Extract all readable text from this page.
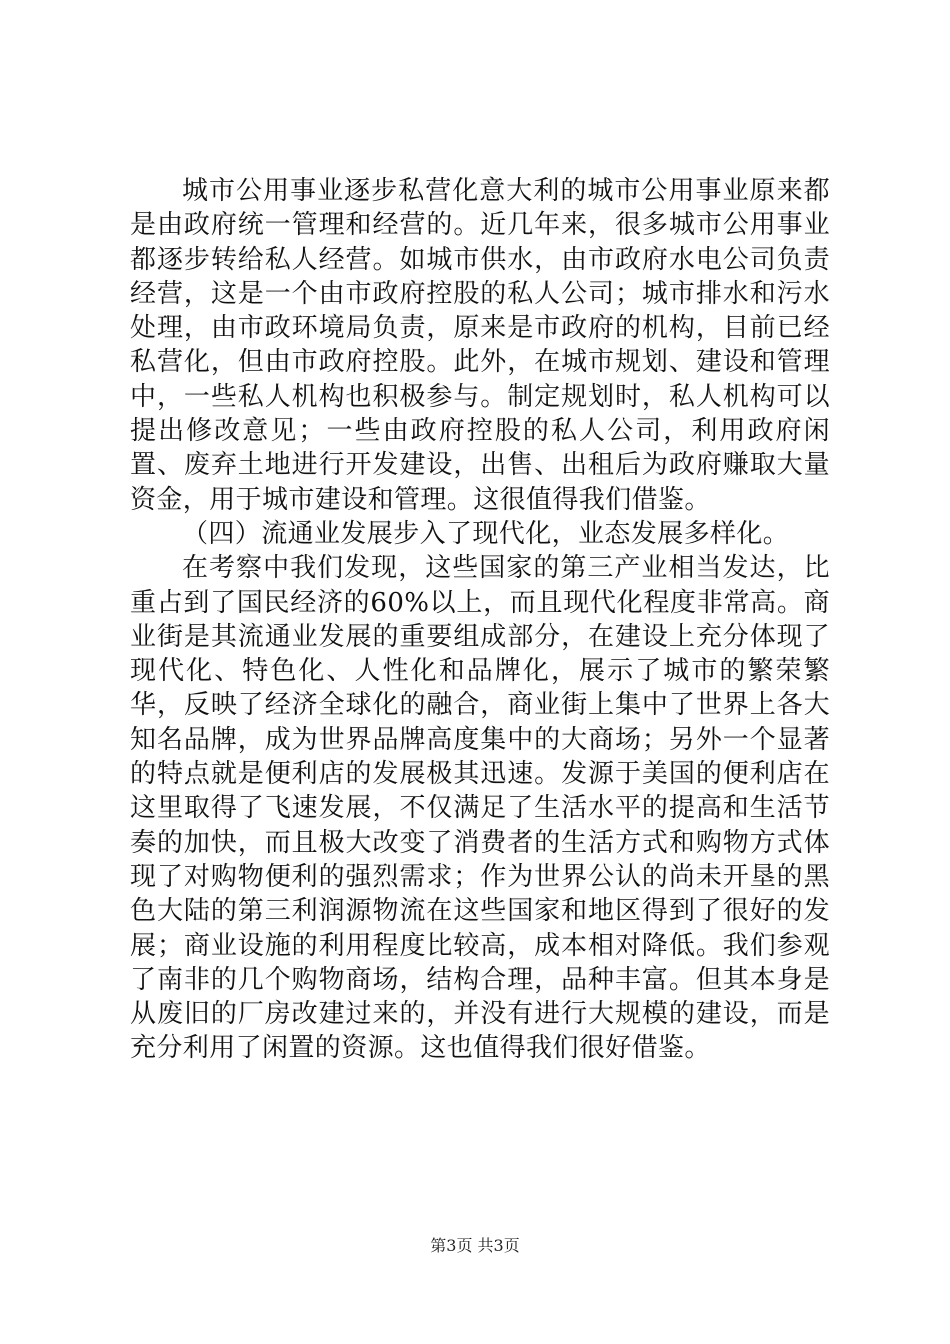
城市公用事业逐步私营化意大利的城市公用事业原来都是由政府统一管理和经营的。近几年来，很多城市公用事业都逐步转给私人经营。如城市供水，由市政府水电公司负责经营，这是一个由市政府控股的私人公司；城市排水和污水处理，由市政环境局负责，原来是市政府的机构，目前已经私营化，但由市政府控股。此外，在城市规划、建设和管理中，一些私人机构也积极参与。制定规划时，私人机构可以提出修改意见；一些由政府控股的私人公司，利用政府闲置、废弃土地进行开发建设，出售、出租后为政府赚取大量资金，用于城市建设和管理。这很值得我们借鉴。

（四）流通业发展步入了现代化，业态发展多样化。

在考察中我们发现，这些国家的第三产业相当发达，比重占到了国民经济的60%以上，而且现代化程度非常高。商业街是其流通业发展的重要组成部分，在建设上充分体现了现代化、特色化、人性化和品牌化，展示了城市的繁荣繁华，反映了经济全球化的融合，商业街上集中了世界上各大知名品牌，成为世界品牌高度集中的大商场；另外一个显著的特点就是便利店的发展极其迅速。发源于美国的便利店在这里取得了飞速发展，不仅满足了生活水平的提高和生活节奏的加快，而且极大改变了消费者的生活方式和购物方式体现了对购物便利的强烈需求；作为世界公认的尚未开垦的黑色大陆的第三利润源物流在这些国家和地区得到了很好的发展；商业设施的利用程度比较高，成本相对降低。我们参观了南非的几个购物商场，结构合理，品种丰富。但其本身是从废旧的厂房改建过来的，并没有进行大规模的建设，而是充分利用了闲置的资源。这也值得我们很好借鉴。

第3页 共3页
